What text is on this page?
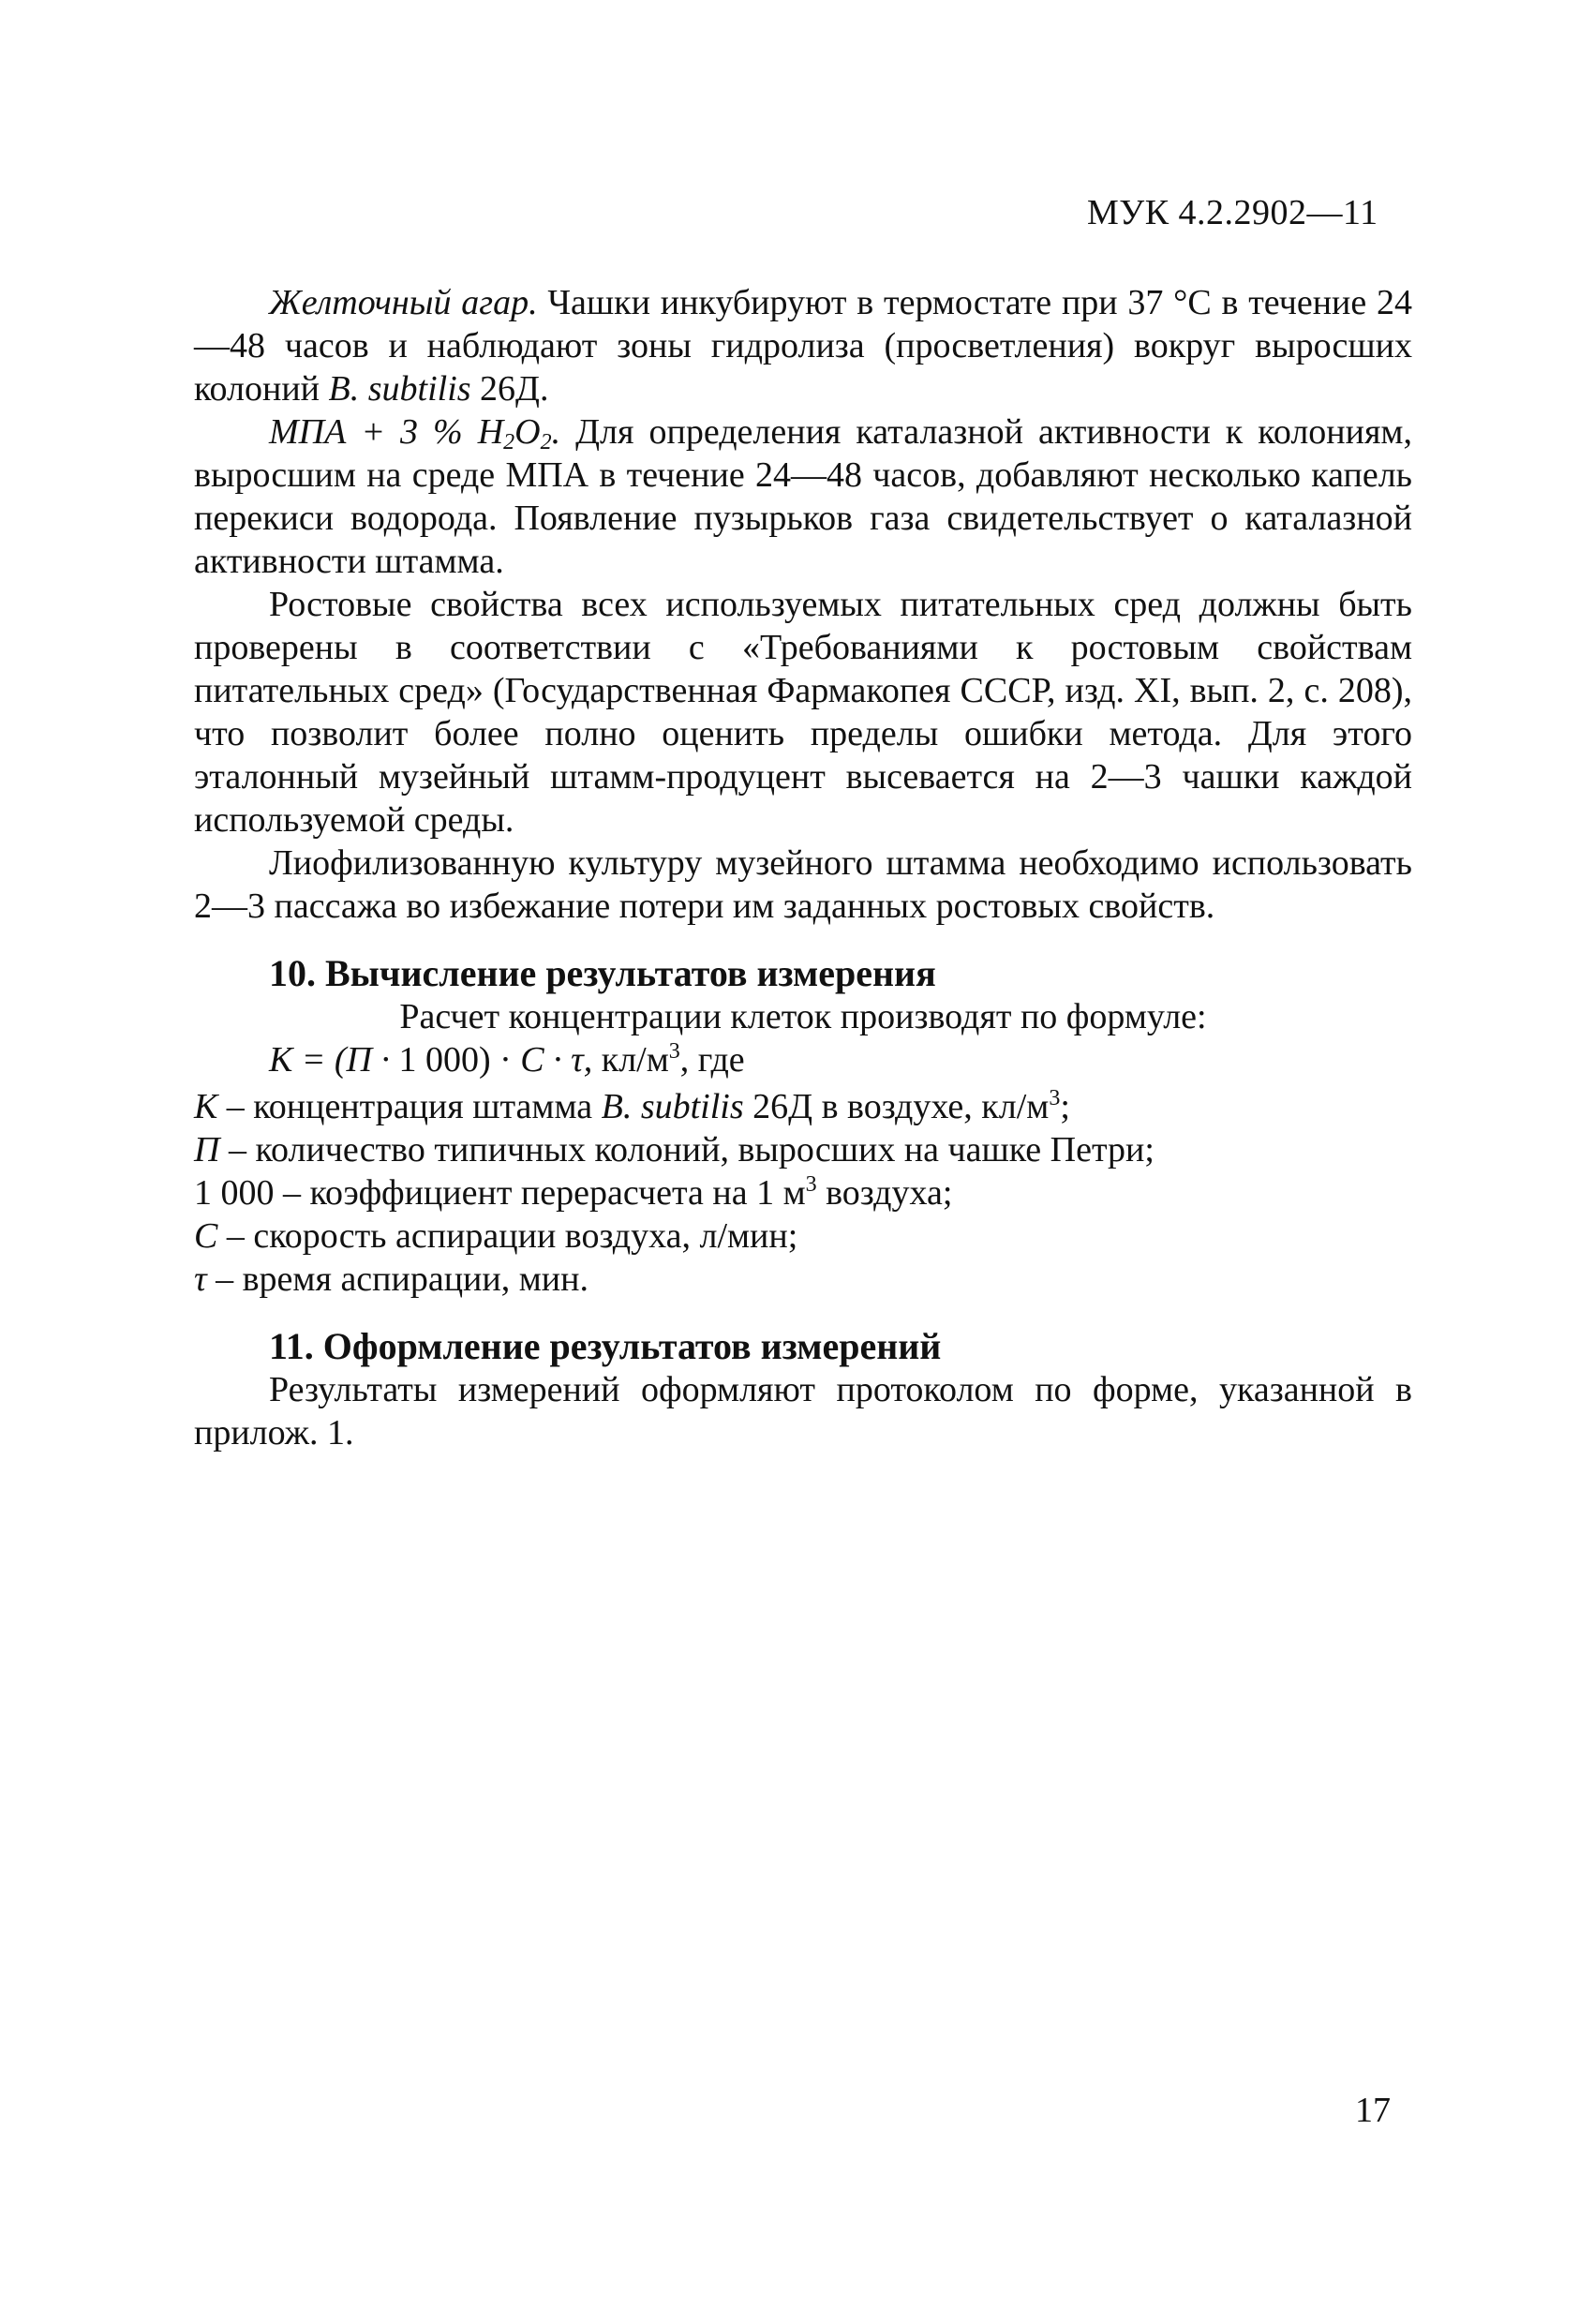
МУК 4.2.2902—11

Желточный агар. Чашки инкубируют в термостате при 37 °С в течение 24—48 часов и наблюдают зоны гидролиза (просветления) вокруг выросших колоний B. subtilis 26Д.

МПА + 3 % $H_2O_2$. Для определения каталазной активности к колониям, выросшим на среде МПА в течение 24—48 часов, добавляют несколько капель перекиси водорода. Появление пузырьков газа свидетельствует о каталазной активности штамма.

Ростовые свойства всех используемых питательных сред должны быть проверены в соответствии с «Требованиями к ростовым свойствам питательных сред» (Государственная Фармакопея СССР, изд. XI, вып. 2, с. 208), что позволит более полно оценить пределы ошибки метода. Для этого эталонный музейный штамм-продуцент высевается на 2—3 чашки каждой используемой среды.

Лиофилизованную культуру музейного штамма необходимо использовать 2—3 пассажа во избежание потери им заданных ростовых свойств.

10. Вычисление результатов измерения

Расчет концентрации клеток производят по формуле:

К = (П · 1 000) · С · τ, $кл/м^3$, где

К – концентрация штамма B. subtilis 26Д в воздухе, $кл/м^3$;

П – количество типичных колоний, выросших на чашке Петри;

1 000 – коэффициент перерасчета на 1 $м^3$ воздуха;

С – скорость аспирации воздуха, л/мин;

τ – время аспирации, мин.

11. Оформление результатов измерений

Результаты измерений оформляют протоколом по форме, указанной в прилож. 1.

17
